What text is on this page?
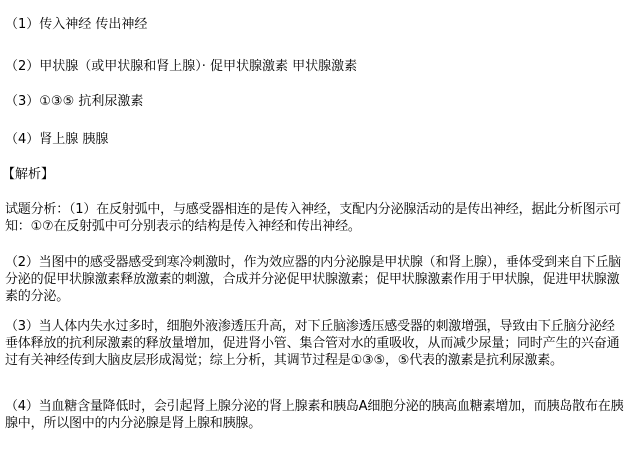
（1）传入神经 传出神经
（2）甲状腺（或甲状腺和肾上腺）· 促甲状腺激素 甲状腺激素
（3）①③⑤ 抗利尿激素
（4）肾上腺 胰腺
【解析】
试题分析：（1）在反射弧中，与感受器相连的是传入神经，支配内分泌腺活动的是传出神经，据此分析图示可知：①⑦在反射弧中可分别表示的结构是传入神经和传出神经。
（2）当图中的感受器感受到寒冷刺激时，作为效应器的内分泌腺是甲状腺（和肾上腺），垂体受到来自下丘脑分泌的促甲状腺激素释放激素的刺激，合成并分泌促甲状腺激素；促甲状腺激素作用于甲状腺，促进甲状腺激素的分泌。
（3）当人体内失水过多时，细胞外液渗透压升高，对下丘脑渗透压感受器的刺激增强，导致由下丘脑分泌经垂体释放的抗利尿激素的释放量增加，促进肾小管、集合管对水的重吸收，从而减少尿量；同时产生的兴奋通过有关神经传到大脑皮层形成渴觉；综上分析，其调节过程是①③⑤，⑤代表的激素是抗利尿激素。
（4）当血糖含量降低时，会引起肾上腺分泌的肾上腺素和胰岛A细胞分泌的胰高血糖素增加，而胰岛散布在胰腺中，所以图中的内分泌腺是肾上腺和胰腺。
